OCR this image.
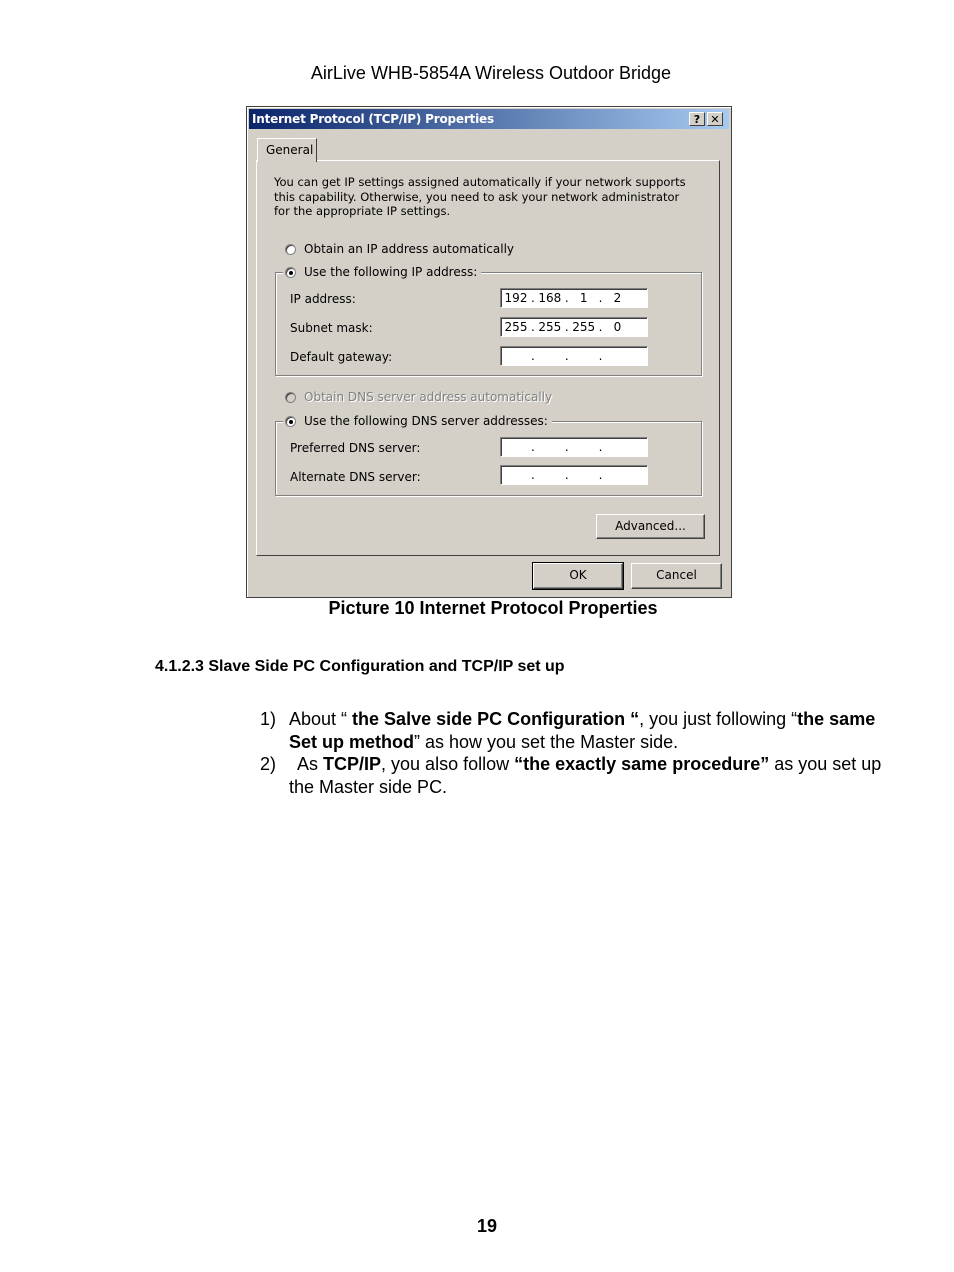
AirLive WHB-5854A Wireless Outdoor Bridge
Internet Protocol (TCP/IP) Properties	? ✕
General
You can get IP settings assigned automatically if your network supports this capability. Otherwise, you need to ask your network administrator for the appropriate IP settings.
Obtain an IP address automatically
Use the following IP address:
IP address:	192 . 168 . 1 . 2
Subnet mask:	255 . 255 . 255 . 0
Default gateway:	.	.	.
Obtain DNS server address automatically
Use the following DNS server addresses:
Preferred DNS server:	.	.	.
Alternate DNS server:	.	.	.
Advanced...
OK	Cancel
Picture 10 Internet Protocol Properties
4.1.2.3 Slave Side PC Configuration and TCP/IP set up
1) About “ the Salve side PC Configuration “, you just following “the same Set up method” as how you set the Master side.
2) As TCP/IP, you also follow “the exactly same procedure” as you set up the Master side PC.
19
